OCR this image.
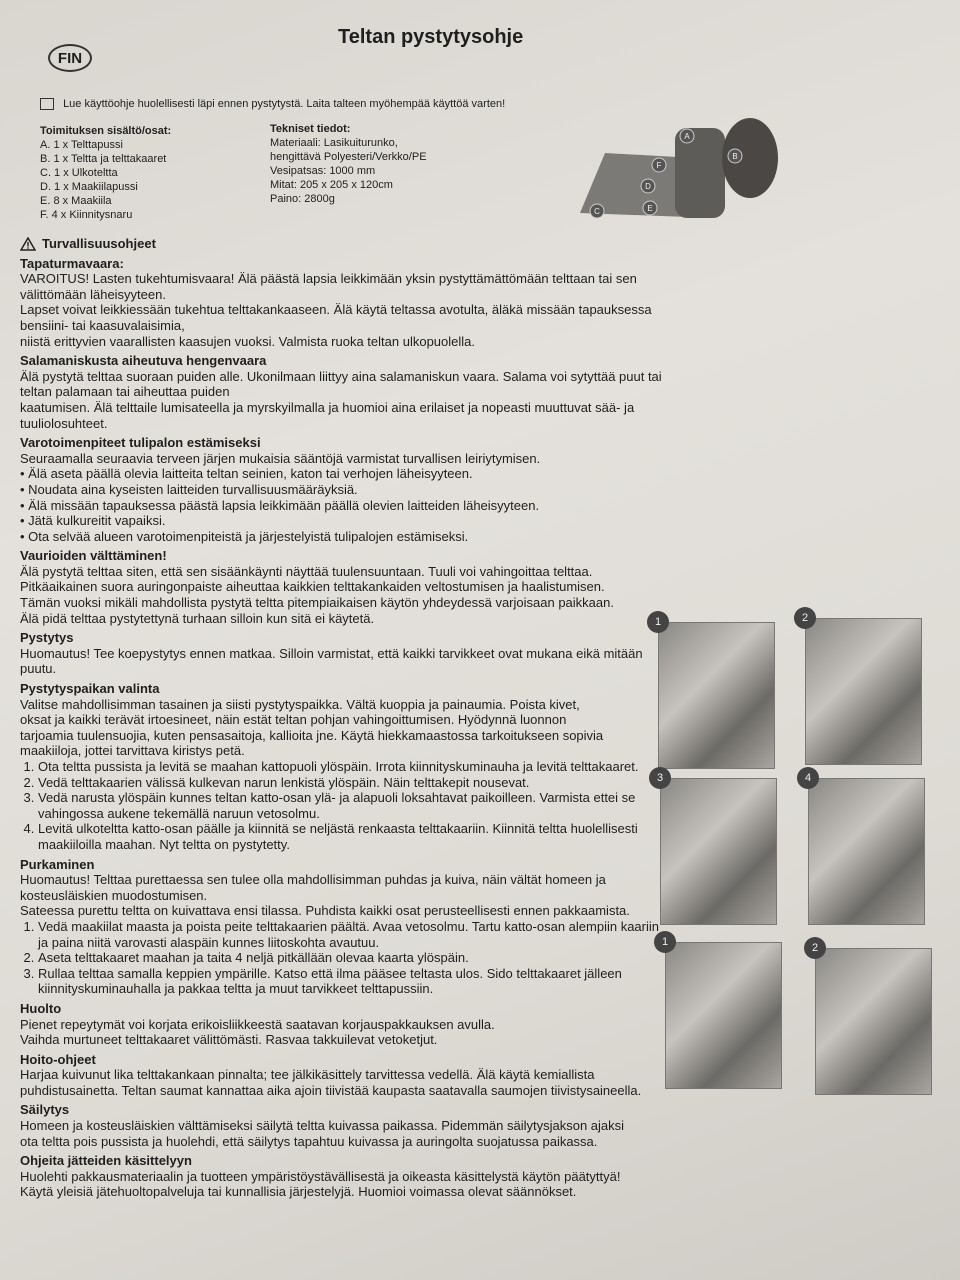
FIN
Teltan pystytysohje
Lue käyttöohje huolellisesti läpi ennen pystytystä. Laita talteen myöhempää käyttöä varten!
Toimituksen sisältö/osat:
A. 1 x Telttapussi
B. 1 x Teltta ja telttakaaret
C. 1 x Ulkoteltta
D. 1 x Maakiilapussi
E. 8 x Maakiila
F. 4 x Kiinnitysnaru
Tekniset tiedot:
Materiaali: Lasikuiturunko,
hengittävä Polyesteri/Verkko/PE
Vesipatsas: 1000 mm
Mitat: 205 x 205 x 120cm
Paino: 2800g
A
B
C
D
E
F

Turvallisuusohjeet

Tapaturmavaara:

VAROITUS! Lasten tukehtumisvaara! Älä päästä lapsia leikkimään yksin pystyttämättömään telttaan tai sen välittömään läheisyyteen.

Lapset voivat leikkiessään tukehtua telttakankaaseen. Älä käytä teltassa avotulta, äläkä missään tapauksessa bensiini- tai kaasuvalaisimia,

niistä erittyvien vaarallisten kaasujen vuoksi. Valmista ruoka teltan ulkopuolella.

Salamaniskusta aiheutuva hengenvaara

Älä pystytä telttaa suoraan puiden alle. Ukonilmaan liittyy aina salamaniskun vaara. Salama voi sytyttää puut tai teltan palamaan tai aiheuttaa puiden

kaatumisen. Älä telttaile lumisateella ja myrskyilmalla ja huomioi aina erilaiset ja nopeasti muuttuvat sää- ja tuuliolosuhteet.

Varotoimenpiteet tulipalon estämiseksi

Seuraamalla seuraavia terveen järjen mukaisia sääntöjä varmistat turvallisen leiriytymisen.

• Älä aseta päällä olevia laitteita teltan seinien, katon tai verhojen läheisyyteen.

• Noudata aina kyseisten laitteiden turvallisuusmääräyksiä.

• Älä missään tapauksessa päästä lapsia leikkimään päällä olevien laitteiden läheisyyteen.

• Jätä kulkureitit vapaiksi.

• Ota selvää alueen varotoimenpiteistä ja järjestelyistä tulipalojen estämiseksi.

Vaurioiden välttäminen!

Älä pystytä telttaa siten, että sen sisäänkäynti näyttää tuulensuuntaan. Tuuli voi vahingoittaa telttaa.

Pitkäaikainen suora auringonpaiste aiheuttaa kaikkien telttakankaiden veltostumisen ja haalistumisen.

Tämän vuoksi mikäli mahdollista pystytä teltta pitempiaikaisen käytön yhdeydessä varjoisaan paikkaan.

Älä pidä telttaa pystytettynä turhaan silloin kun sitä ei käytetä.

Pystytys

Huomautus! Tee koepystytys ennen matkaa. Silloin varmistat, että kaikki tarvikkeet ovat mukana eikä mitään puutu.

Pystytyspaikan valinta

Valitse mahdollisimman tasainen ja siisti pystytyspaikka. Vältä kuoppia ja painaumia. Poista kivet,

oksat ja kaikki terävät irtoesineet, näin estät teltan pohjan vahingoittumisen. Hyödynnä luonnon

tarjoamia tuulensuojia, kuten pensasaitoja, kallioita jne. Käytä hiekkamaastossa tarkoitukseen sopivia

maakiiloja, jottei tarvittava kiristys petä.

1. Ota teltta pussista ja levitä se maahan kattopuoli ylöspäin. Irrota kiinnityskuminauha ja levitä telttakaaret.
2. Vedä telttakaarien välissä kulkevan narun lenkistä ylöspäin. Näin telttakepit nousevat.
3. Vedä narusta ylöspäin kunnes teltan katto-osan ylä- ja alapuoli loksahtavat paikoilleen. Varmista ettei se vahingossa aukene tekemällä naruun vetosolmu.
4. Levitä ulkoteltta katto-osan päälle ja kiinnitä se neljästä renkaasta telttakaariin. Kiinnitä teltta huolellisesti maakiiloilla maahan. Nyt teltta on pystytetty.

Purkaminen

Huomautus! Telttaa purettaessa sen tulee olla mahdollisimman puhdas ja kuiva, näin vältät homeen ja

kosteusläiskien muodostumisen.

Sateessa purettu teltta on kuivattava ensi tilassa. Puhdista kaikki osat perusteellisesti ennen pakkaamista.

1. Vedä maakiilat maasta ja poista peite telttakaarien päältä. Avaa vetosolmu. Tartu katto-osan alempiin kaariin ja paina niitä varovasti alaspäin kunnes liitoskohta avautuu.
2. Aseta telttakaaret maahan ja taita 4 neljä pitkällään olevaa kaarta ylöspäin.
3. Rullaa telttaa samalla keppien ympärille. Katso että ilma pääsee teltasta ulos. Sido telttakaaret jälleen kiinnityskuminauhalla ja pakkaa teltta ja muut tarvikkeet telttapussiin.

Huolto

Pienet repeytymät voi korjata erikoisliikkeestä saatavan korjauspakkauksen avulla.

Vaihda murtuneet telttakaaret välittömästi. Rasvaa takkuilevat vetoketjut.

Hoito-ohjeet

Harjaa kuivunut lika telttakankaan pinnalta; tee jälkikäsittely tarvittessa vedellä. Älä käytä kemiallista

puhdistusainetta. Teltan saumat kannattaa aika ajoin tiivistää kaupasta saatavalla saumojen tiivistysaineella.

Säilytys

Homeen ja kosteusläiskien välttämiseksi säilytä teltta kuivassa paikassa. Pidemmän säilytysjakson ajaksi

ota teltta pois pussista ja huolehdi, että säilytys tapahtuu kuivassa ja auringolta suojatussa paikassa.

Ohjeita jätteiden käsittelyyn

Huolehti pakkausmateriaalin ja tuotteen ympäristöystävällisestä ja oikeasta käsittelystä käytön päätyttyä!

Käytä yleisiä jätehuoltopalveluja tai kunnallisia järjestelyjä. Huomioi voimassa olevat säännökset.

1	2
3	4
1	2
